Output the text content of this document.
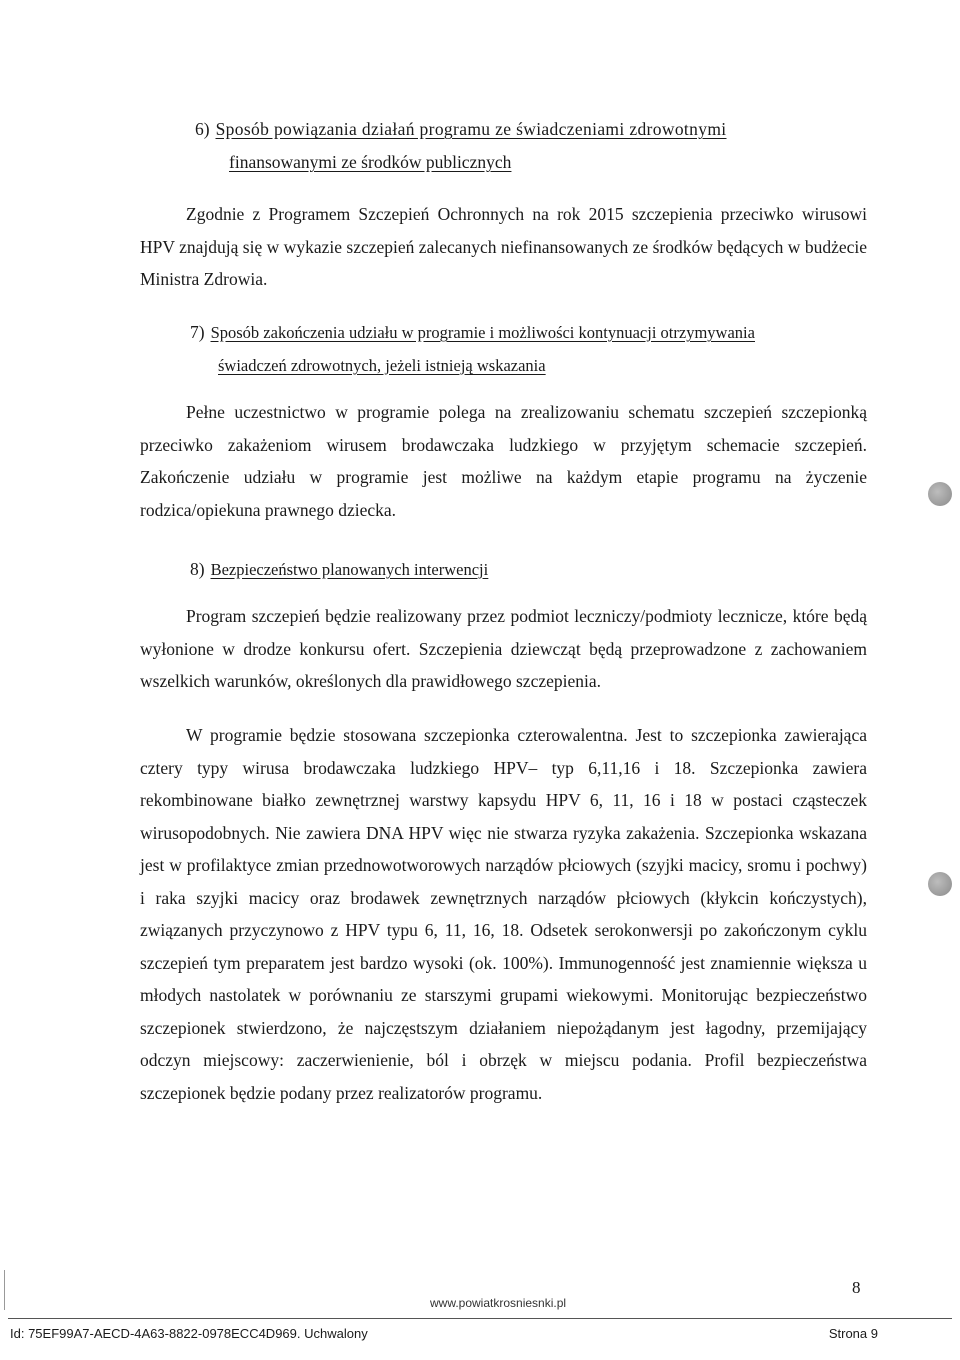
6) Sposób powiązania działań programu ze świadczeniami zdrowotnymi
finansowanymi ze środków publicznych

Zgodnie z Programem Szczepień Ochronnych na rok 2015 szczepienia przeciwko wirusowi HPV znajdują się w wykazie szczepień zalecanych niefinansowanych ze środków będących w budżecie Ministra Zdrowia.

7) Sposób zakończenia udziału w programie i możliwości kontynuacji otrzymywania
świadczeń zdrowotnych, jeżeli istnieją wskazania

Pełne uczestnictwo w programie polega na zrealizowaniu schematu szczepień szczepionką przeciwko zakażeniom wirusem brodawczaka ludzkiego w przyjętym schemacie szczepień. Zakończenie udziału w programie jest możliwe na każdym etapie programu na życzenie rodzica/opiekuna prawnego dziecka.

8) Bezpieczeństwo planowanych interwencji

Program szczepień będzie realizowany przez podmiot leczniczy/podmioty lecznicze, które będą wyłonione w drodze konkursu ofert. Szczepienia dziewcząt będą przeprowadzone z zachowaniem wszelkich warunków, określonych dla prawidłowego szczepienia.

W programie będzie stosowana szczepionka czterowalentna. Jest to szczepionka zawierająca cztery typy wirusa brodawczaka ludzkiego HPV– typ 6,11,16 i 18. Szczepionka zawiera rekombinowane białko zewnętrznej warstwy kapsydu HPV 6, 11, 16 i 18 w postaci cząsteczek wirusopodobnych. Nie zawiera DNA HPV więc nie stwarza ryzyka zakażenia. Szczepionka wskazana jest w profilaktyce zmian przednowotworowych narządów płciowych (szyjki macicy, sromu i pochwy) i raka szyjki macicy oraz brodawek zewnętrznych narządów płciowych (kłykcin kończystych), związanych przyczynowo z HPV typu 6, 11, 16, 18. Odsetek serokonwersji po zakończonym cyklu szczepień tym preparatem jest bardzo wysoki (ok. 100%). Immunogenność jest znamiennie większa u młodych nastolatek w porównaniu ze starszymi grupami wiekowymi. Monitorując bezpieczeństwo szczepionek stwierdzono, że najczęstszym działaniem niepożądanym jest łagodny, przemijający odczyn miejscowy: zaczerwienienie, ból i obrzęk w miejscu podania. Profil bezpieczeństwa szczepionek będzie podany przez realizatorów programu.

8
www.powiatkrosniesnki.pl
Id: 75EF99A7-AECD-4A63-8822-0978ECC4D969. Uchwalony	Strona 9
